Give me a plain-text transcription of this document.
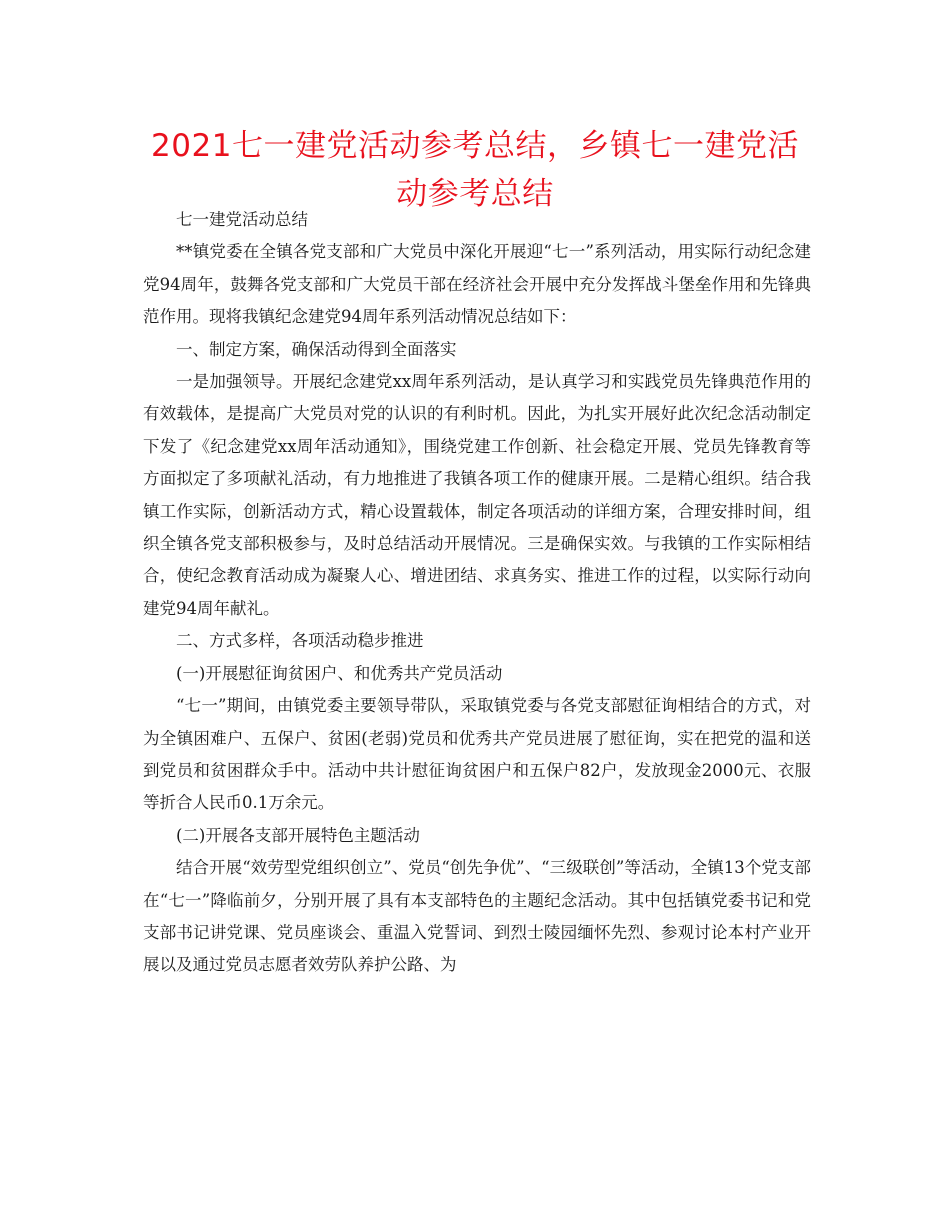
2021七一建党活动参考总结，乡镇七一建党活动参考总结

七一建党活动总结

**镇党委在全镇各党支部和广大党员中深化开展迎“七一”系列活动，用实际行动纪念建党94周年，鼓舞各党支部和广大党员干部在经济社会开展中充分发挥战斗堡垒作用和先锋典范作用。现将我镇纪念建党94周年系列活动情况总结如下：

一、制定方案，确保活动得到全面落实

一是加强领导。开展纪念建党xx周年系列活动，是认真学习和实践党员先锋典范作用的有效载体，是提高广大党员对党的认识的有利时机。因此，为扎实开展好此次纪念活动制定下发了《纪念建党xx周年活动通知》，围绕党建工作创新、社会稳定开展、党员先锋教育等方面拟定了多项献礼活动，有力地推进了我镇各项工作的健康开展。二是精心组织。结合我镇工作实际，创新活动方式，精心设置载体，制定各项活动的详细方案，合理安排时间，组织全镇各党支部积极参与，及时总结活动开展情况。三是确保实效。与我镇的工作实际相结合，使纪念教育活动成为凝聚人心、增进团结、求真务实、推进工作的过程，以实际行动向建党94周年献礼。

二、方式多样，各项活动稳步推进

(一)开展慰征询贫困户、和优秀共产党员活动

“七一”期间，由镇党委主要领导带队，采取镇党委与各党支部慰征询相结合的方式，对为全镇困难户、五保户、贫困(老弱)党员和优秀共产党员进展了慰征询，实在把党的温和送到党员和贫困群众手中。活动中共计慰征询贫困户和五保户82户，发放现金2000元、衣服等折合人民币0.1万余元。

(二)开展各支部开展特色主题活动

结合开展“效劳型党组织创立”、党员“创先争优”、“三级联创”等活动，全镇13个党支部在“七一”降临前夕，分别开展了具有本支部特色的主题纪念活动。其中包括镇党委书记和党支部书记讲党课、党员座谈会、重温入党誓词、到烈士陵园缅怀先烈、参观讨论本村产业开展以及通过党员志愿者效劳队养护公路、为
